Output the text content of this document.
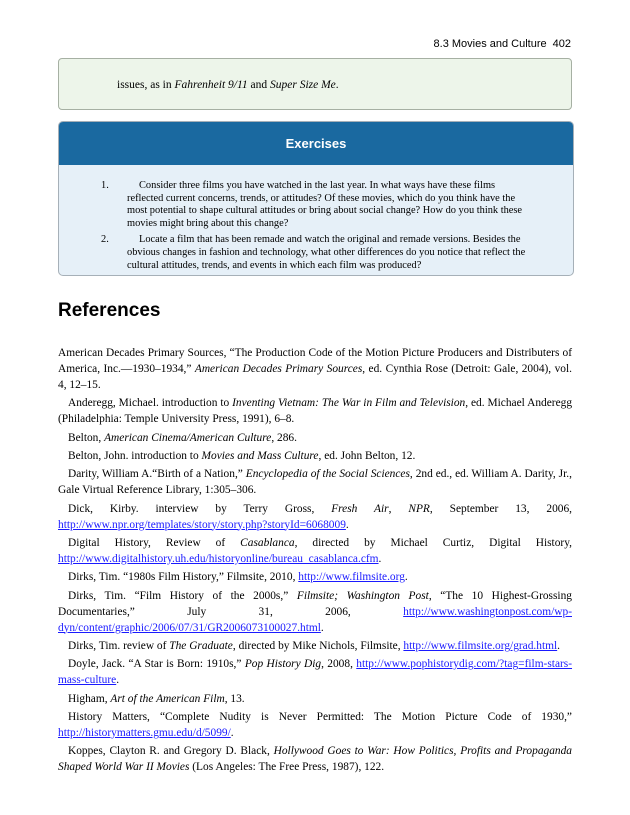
8.3 Movies and Culture 402

issues, as in Fahrenheit 9/11 and Super Size Me.

Exercises
1.	Consider three films you have watched in the last year. In what ways have these films reflected current concerns, trends, or attitudes? Of these movies, which do you think have the most potential to shape cultural attitudes or bring about social change? How do you think these movies might bring about this change?
2.	Locate a film that has been remade and watch the original and remade versions. Besides the obvious changes in fashion and technology, what other differences do you notice that reflect the cultural attitudes, trends, and events in which each film was produced?
References

American Decades Primary Sources, “The Production Code of the Motion Picture Producers and Distributers of America, Inc.—1930–1934,” American Decades Primary Sources, ed. Cynthia Rose (Detroit: Gale, 2004), vol. 4, 12–15.

Anderegg, Michael. introduction to Inventing Vietnam: The War in Film and Television, ed. Michael Anderegg (Philadelphia: Temple University Press, 1991), 6–8.

Belton, American Cinema/American Culture, 286.

Belton, John. introduction to Movies and Mass Culture, ed. John Belton, 12.

Darity, William A.“Birth of a Nation,” Encyclopedia of the Social Sciences, 2nd ed., ed. William A. Darity, Jr., Gale Virtual Reference Library, 1:305–306.

Dick, Kirby. interview by Terry Gross, Fresh Air, NPR, September 13, 2006, http://www.npr.org/templates/story/story.php?storyId=6068009.

Digital History, Review of Casablanca, directed by Michael Curtiz, Digital History, http://www.digitalhistory.uh.edu/historyonline/bureau_casablanca.cfm.

Dirks, Tim. “1980s Film History,” Filmsite, 2010, http://www.filmsite.org.

Dirks, Tim. “Film History of the 2000s,” Filmsite; Washington Post, “The 10 Highest-Grossing Documentaries,” July 31, 2006, http://www.washingtonpost.com/wp-dyn/content/graphic/2006/07/31/GR2006073100027.html.

Dirks, Tim. review of The Graduate, directed by Mike Nichols, Filmsite, http://www.filmsite.org/grad.html.

Doyle, Jack. “A Star is Born: 1910s,” Pop History Dig, 2008, http://www.pophistorydig.com/?tag=film-stars-mass-culture.

Higham, Art of the American Film, 13.

History Matters, “Complete Nudity is Never Permitted: The Motion Picture Code of 1930,” http://historymatters.gmu.edu/d/5099/.

Koppes, Clayton R. and Gregory D. Black, Hollywood Goes to War: How Politics, Profits and Propaganda Shaped World War II Movies (Los Angeles: The Free Press, 1987), 122.
